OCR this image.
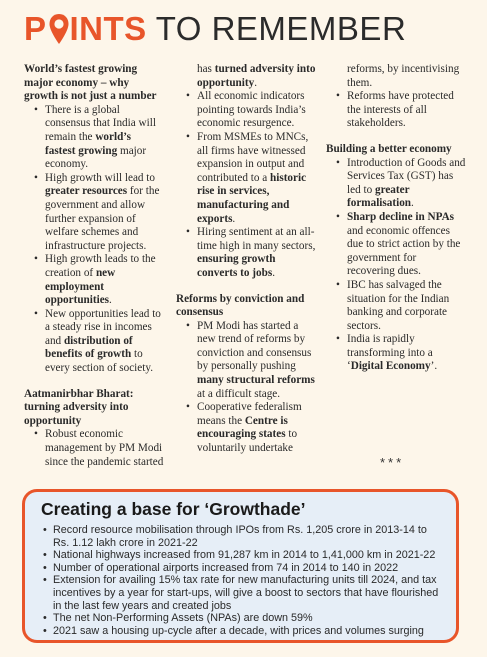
P INTS TO REMEMBER

World’s fastest growing major economy – why growth is not just a number

• There is a global consensus that India will remain the world’s fastest growing major economy.
• High growth will lead to greater resources for the government and allow further expansion of welfare schemes and infrastructure projects.
• High growth leads to the creation of new employment opportunities.
• New opportunities lead to a steady rise in incomes and distribution of benefits of growth to every section of society.

Aatmanirbhar Bharat: turning adversity into opportunity

• Robust economic management by PM Modi since the pandemic started
has turned adversity into opportunity.
• All economic indicators pointing towards India’s economic resurgence.
• From MSMEs to MNCs, all firms have witnessed expansion in output and contributed to a historic rise in services, manufacturing and exports.
• Hiring sentiment at an all-time high in many sectors, ensuring growth converts to jobs.

Reforms by conviction and consensus

• PM Modi has started a new trend of reforms by conviction and consensus by personally pushing many structural reforms at a difficult stage.
• Cooperative federalism means the Centre is encouraging states to voluntarily undertake
reforms, by incentivising them.
• Reforms have protected the interests of all stakeholders.

Building a better economy

• Introduction of Goods and Services Tax (GST) has led to greater formalisation.
• Sharp decline in NPAs and economic offences due to strict action by the government for recovering dues.
• IBC has salvaged the situation for the Indian banking and corporate sectors.
• India is rapidly transforming into a ‘Digital Economy’.
***
Creating a base for ‘Growthade’
• Record resource mobilisation through IPOs from Rs. 1,205 crore in 2013-14 to Rs. 1.12 lakh crore in 2021-22
• National highways increased from 91,287 km in 2014 to 1,41,000 km in 2021-22
• Number of operational airports increased from 74 in 2014 to 140 in 2022
• Extension for availing 15% tax rate for new manufacturing units till 2024, and tax incentives by a year for start-ups, will give a boost to sectors that have flourished in the last few years and created jobs
• The net Non-Performing Assets (NPAs) are down 59%
• 2021 saw a housing up-cycle after a decade, with prices and volumes surging
